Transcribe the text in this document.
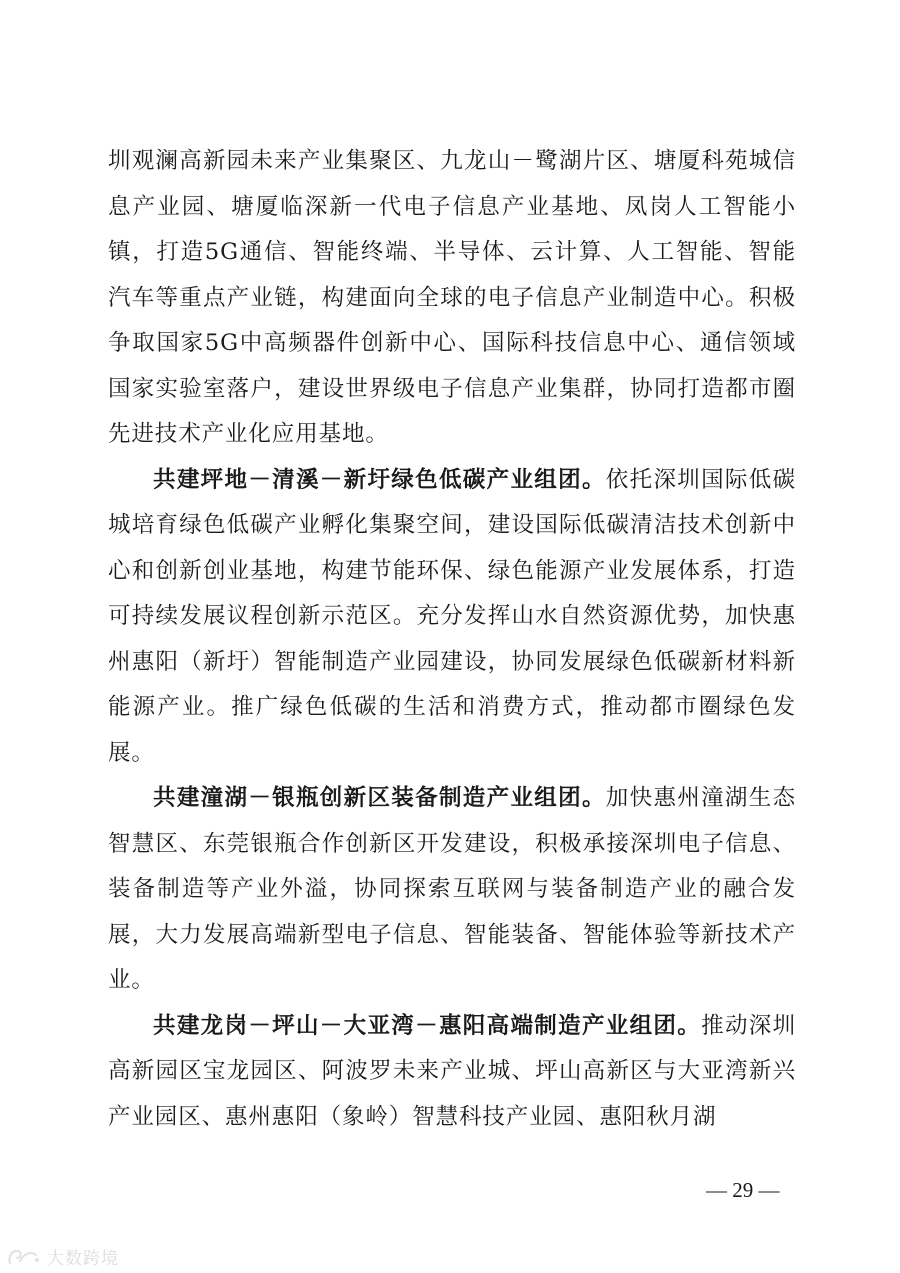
圳观澜高新园未来产业集聚区、九龙山－鹭湖片区、塘厦科苑城信息产业园、塘厦临深新一代电子信息产业基地、凤岗人工智能小镇，打造5G通信、智能终端、半导体、云计算、人工智能、智能汽车等重点产业链，构建面向全球的电子信息产业制造中心。积极争取国家5G中高频器件创新中心、国际科技信息中心、通信领域国家实验室落户，建设世界级电子信息产业集群，协同打造都市圈先进技术产业化应用基地。

共建坪地－清溪－新圩绿色低碳产业组团。依托深圳国际低碳城培育绿色低碳产业孵化集聚空间，建设国际低碳清洁技术创新中心和创新创业基地，构建节能环保、绿色能源产业发展体系，打造可持续发展议程创新示范区。充分发挥山水自然资源优势，加快惠州惠阳（新圩）智能制造产业园建设，协同发展绿色低碳新材料新能源产业。推广绿色低碳的生活和消费方式，推动都市圈绿色发展。

共建潼湖－银瓶创新区装备制造产业组团。加快惠州潼湖生态智慧区、东莞银瓶合作创新区开发建设，积极承接深圳电子信息、装备制造等产业外溢，协同探索互联网与装备制造产业的融合发展，大力发展高端新型电子信息、智能装备、智能体验等新技术产业。

共建龙岗－坪山－大亚湾－惠阳高端制造产业组团。推动深圳高新园区宝龙园区、阿波罗未来产业城、坪山高新区与大亚湾新兴产业园区、惠州惠阳（象岭）智慧科技产业园、惠阳秋月湖

— 29 —
大数跨境
